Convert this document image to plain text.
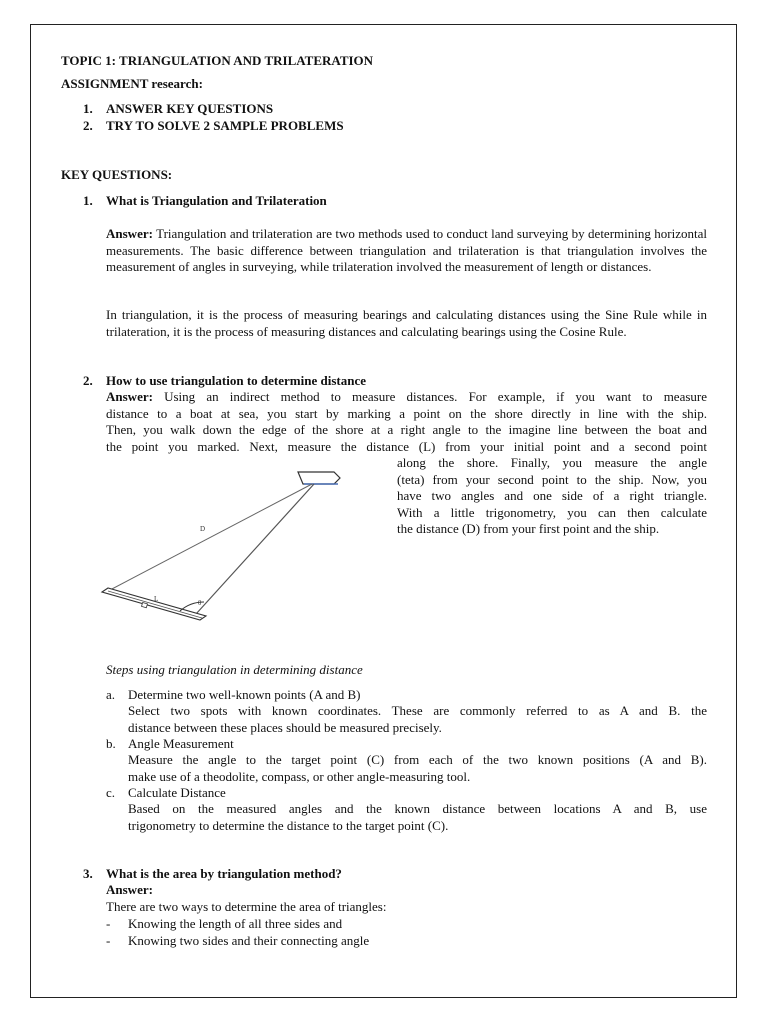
TOPIC 1: TRIANGULATION AND TRILATERATION

ASSIGNMENT research:

1. ANSWER KEY QUESTIONS
2. TRY TO SOLVE 2 SAMPLE PROBLEMS

KEY QUESTIONS:

1. What is Triangulation and Trilateration

Answer: Triangulation and trilateration are two methods used to conduct land surveying by determining horizontal measurements. The basic difference between triangulation and trilateration is that triangulation involves the measurement of angles in surveying, while trilateration involved the measurement of length or distances.

In triangulation, it is the process of measuring bearings and calculating distances using the Sine Rule while in trilateration, it is the process of measuring distances and calculating bearings using the Cosine Rule.

2. How to use triangulation to determine distance
Answer: Using an indirect method to measure distances. For example, if you want to measure
distance to a boat at sea, you start by marking a point on the shore directly in line with the ship.
Then, you walk down the edge of the shore at a right angle to the imagine line between the boat and
the point you marked. Next, measure the distance (L) from your initial point and a second point
along the shore. Finally, you measure the angle
(teta) from your second point to the ship. Now, you
have two angles and one side of a right triangle.
With a little trigonometry, you can then calculate
the distance (D) from your first point and the ship.
D
L	θ

Steps using triangulation in determining distance

a. Determine two well-known points (A and B)
Select two spots with known coordinates. These are commonly referred to as A and B. the
distance between these places should be measured precisely.
b. Angle Measurement
Measure the angle to the target point (C) from each of the two known positions (A and B).
make use of a theodolite, compass, or other angle-measuring tool.
c. Calculate Distance
Based on the measured angles and the known distance between locations A and B, use
trigonometry to determine the distance to the target point (C).
3. What is the area by triangulation method?
Answer:

There are two ways to determine the area of triangles:

- Knowing the length of all three sides and
- Knowing two sides and their connecting angle
